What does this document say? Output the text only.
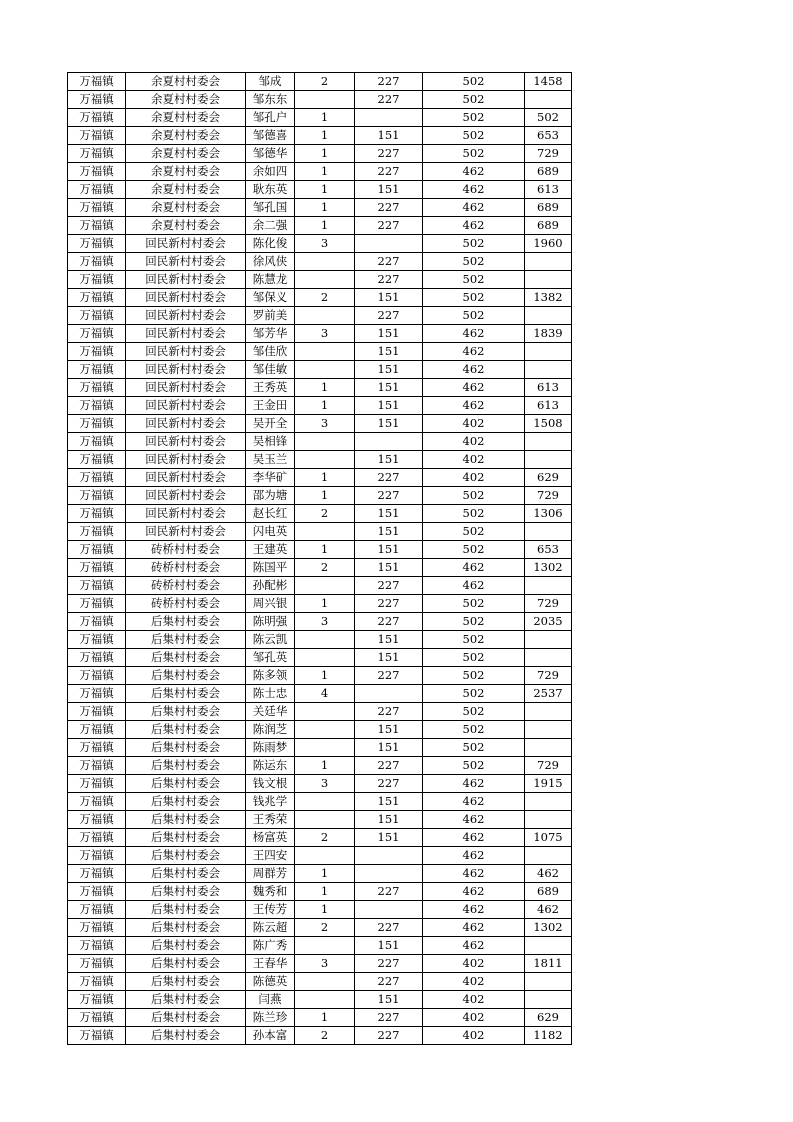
万福镇	余夏村村委会	邹成	2	227	502	1458
万福镇	余夏村村委会	邹东东		227	502	
万福镇	余夏村村委会	邹孔户	1		502	502
万福镇	余夏村村委会	邹德喜	1	151	502	653
万福镇	余夏村村委会	邹德华	1	227	502	729
万福镇	余夏村村委会	余如四	1	227	462	689
万福镇	余夏村村委会	耿东英	1	151	462	613
万福镇	余夏村村委会	邹孔国	1	227	462	689
万福镇	余夏村村委会	余二强	1	227	462	689
万福镇	回民新村村委会	陈化俊	3		502	1960
万福镇	回民新村村委会	徐风侠		227	502	
万福镇	回民新村村委会	陈慧龙		227	502	
万福镇	回民新村村委会	邹保义	2	151	502	1382
万福镇	回民新村村委会	罗前美		227	502	
万福镇	回民新村村委会	邹芳华	3	151	462	1839
万福镇	回民新村村委会	邹佳欣		151	462	
万福镇	回民新村村委会	邹佳敏		151	462	
万福镇	回民新村村委会	王秀英	1	151	462	613
万福镇	回民新村村委会	王金田	1	151	462	613
万福镇	回民新村村委会	吴开全	3	151	402	1508
万福镇	回民新村村委会	吴相锋			402	
万福镇	回民新村村委会	吴玉兰		151	402	
万福镇	回民新村村委会	李华矿	1	227	402	629
万福镇	回民新村村委会	邵为塘	1	227	502	729
万福镇	回民新村村委会	赵长红	2	151	502	1306
万福镇	回民新村村委会	闪电英		151	502	
万福镇	砖桥村村委会	王建英	1	151	502	653
万福镇	砖桥村村委会	陈国平	2	151	462	1302
万福镇	砖桥村村委会	孙配彬		227	462	
万福镇	砖桥村村委会	周兴银	1	227	502	729
万福镇	后集村村委会	陈明强	3	227	502	2035
万福镇	后集村村委会	陈云凯		151	502	
万福镇	后集村村委会	邹孔英		151	502	
万福镇	后集村村委会	陈多领	1	227	502	729
万福镇	后集村村委会	陈士忠	4		502	2537
万福镇	后集村村委会	关廷华		227	502	
万福镇	后集村村委会	陈润芝		151	502	
万福镇	后集村村委会	陈雨梦		151	502	
万福镇	后集村村委会	陈运东	1	227	502	729
万福镇	后集村村委会	钱文根	3	227	462	1915
万福镇	后集村村委会	钱兆学		151	462	
万福镇	后集村村委会	王秀荣		151	462	
万福镇	后集村村委会	杨富英	2	151	462	1075
万福镇	后集村村委会	王四安			462	
万福镇	后集村村委会	周群芳	1		462	462
万福镇	后集村村委会	魏秀和	1	227	462	689
万福镇	后集村村委会	王传芳	1		462	462
万福镇	后集村村委会	陈云超	2	227	462	1302
万福镇	后集村村委会	陈广秀		151	462	
万福镇	后集村村委会	王春华	3	227	402	1811
万福镇	后集村村委会	陈德英		227	402	
万福镇	后集村村委会	闫燕		151	402	
万福镇	后集村村委会	陈兰珍	1	227	402	629
万福镇	后集村村委会	孙本富	2	227	402	1182
